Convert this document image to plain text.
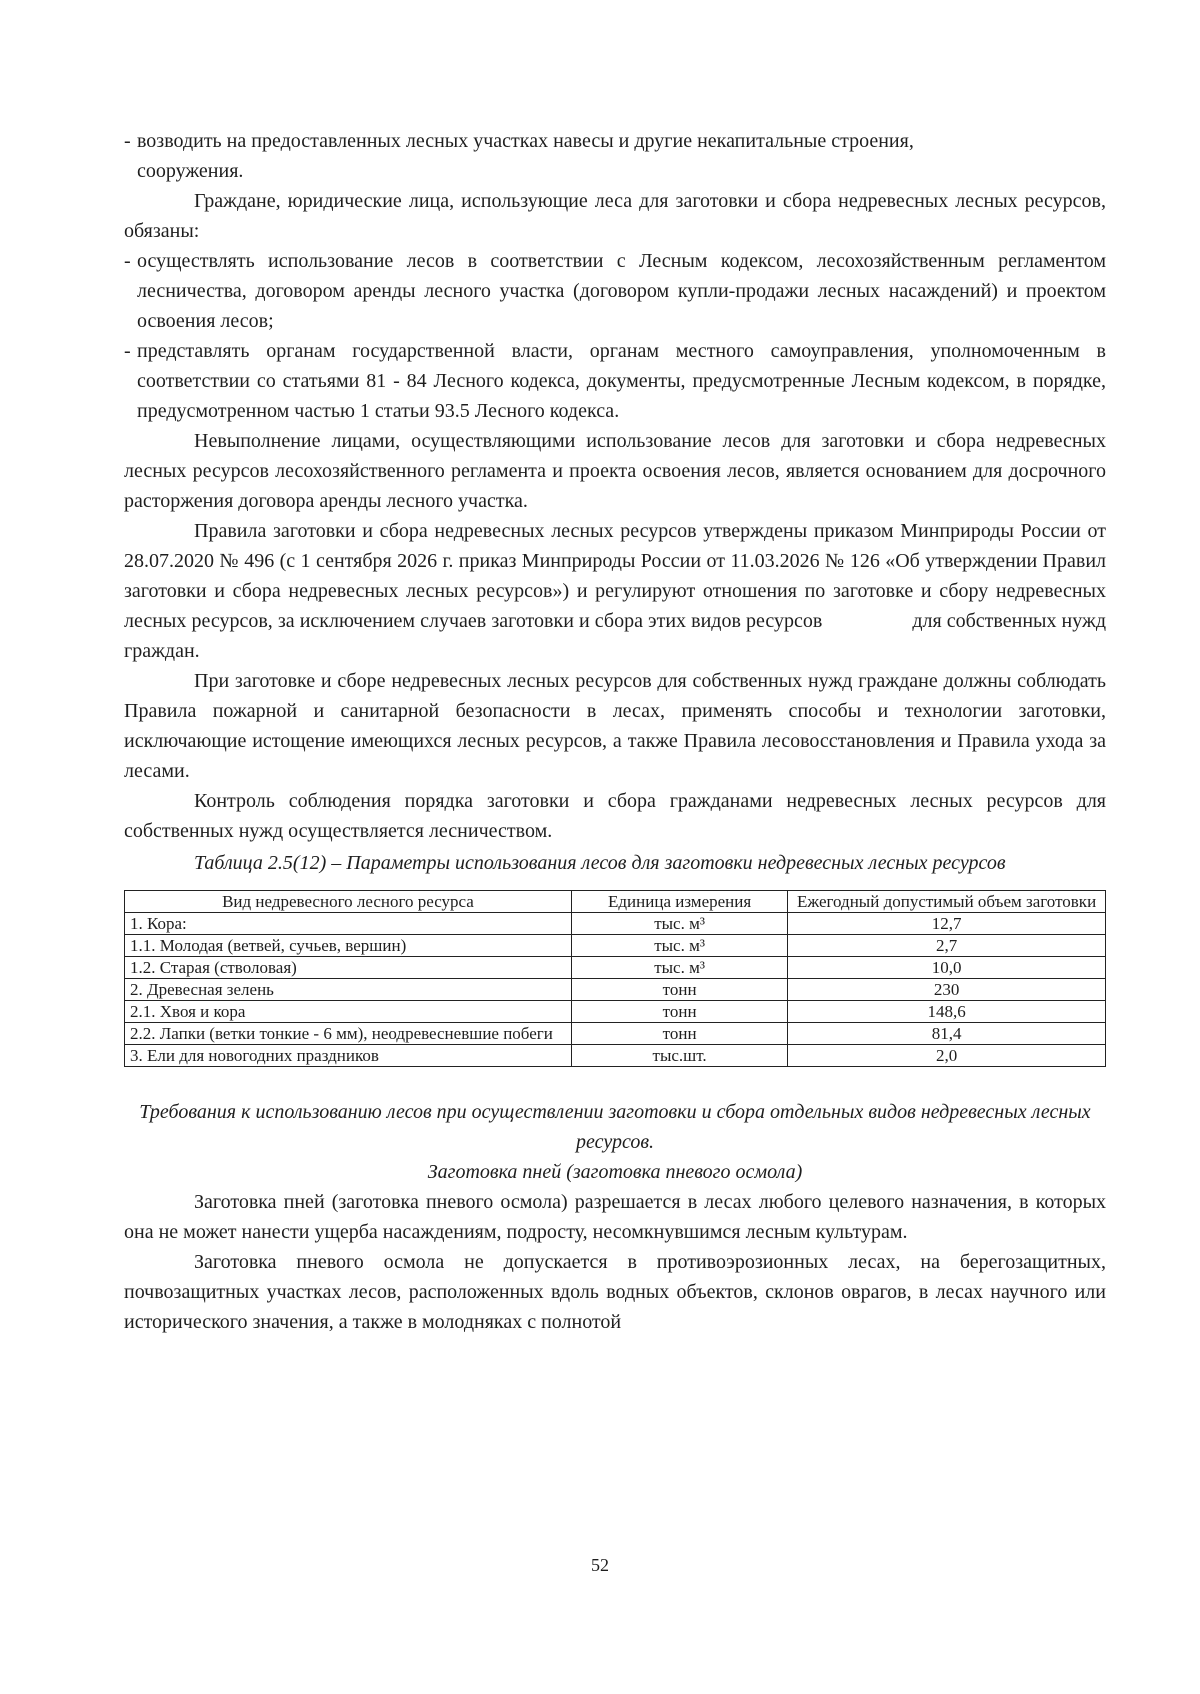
- возводить на предоставленных лесных участках навесы и другие некапитальные строения,

сооружения.

Граждане, юридические лица, использующие леса для заготовки и сбора недревесных лесных ресурсов, обязаны:

- осуществлять использование лесов в соответствии с Лесным кодексом, лесохозяйственным регламентом лесничества, договором аренды лесного участка (договором купли-продажи лесных насаждений) и проектом освоения лесов;
- представлять органам государственной власти, органам местного самоуправления, уполномоченным в соответствии со статьями 81 - 84 Лесного кодекса, документы, предусмотренные Лесным кодексом, в порядке, предусмотренном частью 1 статьи 93.5 Лесного кодекса.

Невыполнение лицами, осуществляющими использование лесов для заготовки и сбора недревесных лесных ресурсов лесохозяйственного регламента и проекта освоения лесов, является основанием для досрочного расторжения договора аренды лесного участка.

Правила заготовки и сбора недревесных лесных ресурсов утверждены приказом Минприроды России от 28.07.2020 № 496 (с 1 сентября 2026 г. приказ Минприроды России от 11.03.2026 № 126 «Об утверждении Правил заготовки и сбора недревесных лесных ресурсов») и регулируют отношения по заготовке и сбору недревесных лесных ресурсов, за исключением случаев заготовки и сбора этих видов ресурсов	для собственных нужд граждан.

При заготовке и сборе недревесных лесных ресурсов для собственных нужд граждане должны соблюдать Правила пожарной и санитарной безопасности в лесах, применять способы и технологии заготовки, исключающие истощение имеющихся лесных ресурсов, а также Правила лесовосстановления и Правила ухода за лесами.

Контроль соблюдения порядка заготовки и сбора гражданами недревесных лесных ресурсов для собственных нужд осуществляется лесничеством.

Таблица 2.5(12) – Параметры использования лесов для заготовки недревесных лесных ресурсов

Вид недревесного лесного ресурса	Единица измерения	Ежегодный допустимый объем заготовки
1. Кора:	тыс. м³	12,7
1.1. Молодая (ветвей, сучьев, вершин)	тыс. м³	2,7
1.2. Старая (стволовая)	тыс. м³	10,0
2. Древесная зелень	тонн	230
2.1. Хвоя и кора	тонн	148,6
2.2. Лапки (ветки тонкие - 6 мм), неодревесневшие побеги	тонн	81,4
3. Ели для новогодних праздников	тыс.шт.	2,0

Требования к использованию лесов при осуществлении заготовки и сбора отдельных видов недревесных лесных ресурсов.

Заготовка пней (заготовка пневого осмола)

Заготовка пней (заготовка пневого осмола) разрешается в лесах любого целевого назначения, в которых она не может нанести ущерба насаждениям, подросту, несомкнувшимся лесным культурам.

Заготовка пневого осмола не допускается в противоэрозионных лесах, на берегозащитных, почвозащитных участках лесов, расположенных вдоль водных объектов, склонов оврагов, в лесах научного или исторического значения, а также в молодняках с полнотой

52
